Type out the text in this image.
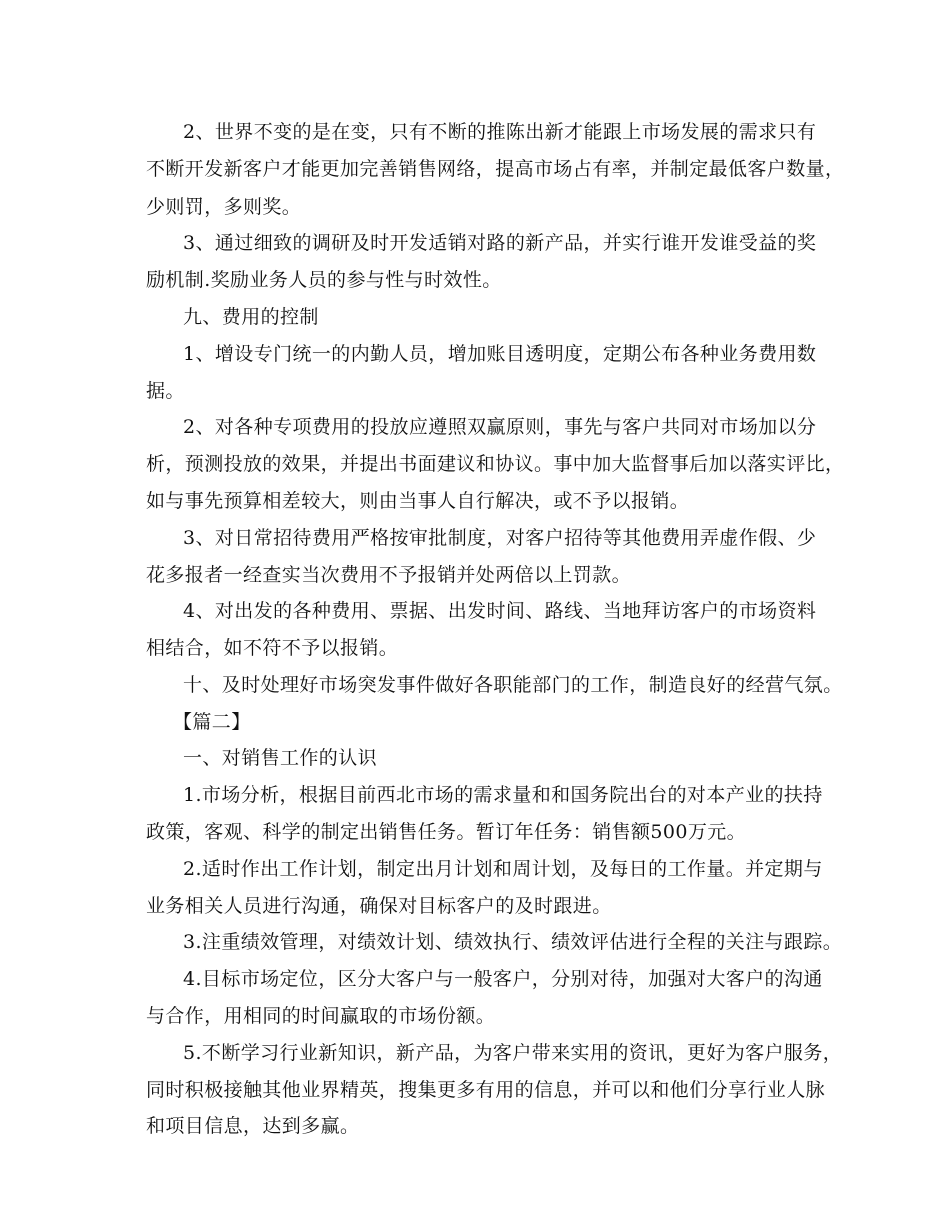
2、世界不变的是在变，只有不断的推陈出新才能跟上市场发展的需求只有
不断开发新客户才能更加完善销售网络，提高市场占有率，并制定最低客户数量，
少则罚，多则奖。
3、通过细致的调研及时开发适销对路的新产品，并实行谁开发谁受益的奖
励机制.奖励业务人员的参与性与时效性。
九、费用的控制
1、增设专门统一的内勤人员，增加账目透明度，定期公布各种业务费用数
据。
2、对各种专项费用的投放应遵照双赢原则，事先与客户共同对市场加以分
析，预测投放的效果，并提出书面建议和协议。事中加大监督事后加以落实评比，
如与事先预算相差较大，则由当事人自行解决，或不予以报销。
3、对日常招待费用严格按审批制度，对客户招待等其他费用弄虚作假、少
花多报者一经查实当次费用不予报销并处两倍以上罚款。
4、对出发的各种费用、票据、出发时间、路线、当地拜访客户的市场资料
相结合，如不符不予以报销。
十、及时处理好市场突发事件做好各职能部门的工作，制造良好的经营气氛。
【篇二】
一、对销售工作的认识
1.市场分析，根据目前西北市场的需求量和和国务院出台的对本产业的扶持
政策，客观、科学的制定出销售任务。暂订年任务：销售额500万元。
2.适时作出工作计划，制定出月计划和周计划，及每日的工作量。并定期与
业务相关人员进行沟通，确保对目标客户的及时跟进。
3.注重绩效管理，对绩效计划、绩效执行、绩效评估进行全程的关注与跟踪。
4.目标市场定位，区分大客户与一般客户，分别对待，加强对大客户的沟通
与合作，用相同的时间赢取的市场份额。
5.不断学习行业新知识，新产品，为客户带来实用的资讯，更好为客户服务，
同时积极接触其他业界精英，搜集更多有用的信息，并可以和他们分享行业人脉
和项目信息，达到多赢。
